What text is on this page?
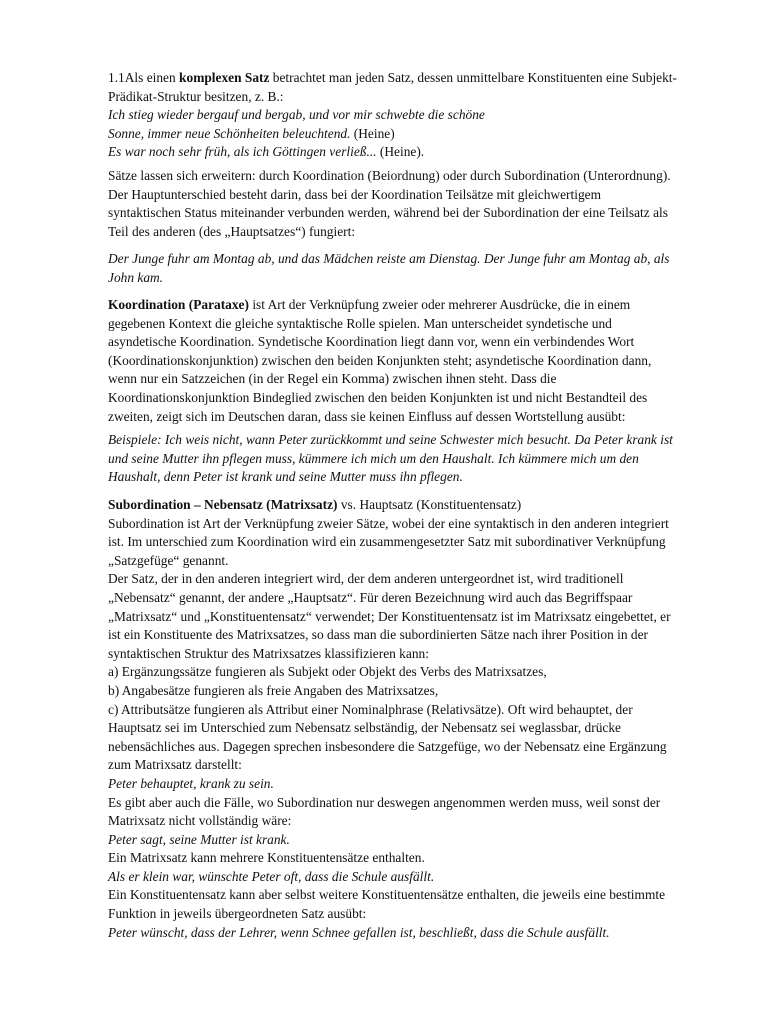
1.1Als einen komplexen Satz betrachtet man jeden Satz, dessen unmittelbare Konstituenten eine Subjekt-
Prädikat-Struktur besitzen, z. B.:
Ich stieg wieder bergauf und bergab, und vor mir schwebte die schöne
Sonne, immer neue Schönheiten beleuchtend. (Heine)
Es war noch sehr früh, als ich Göttingen verließ... (Heine).
Sätze lassen sich erweitern: durch Koordination (Beiordnung) oder durch Subordination (Unterordnung).
Der Hauptunterschied besteht darin, dass bei der Koordination Teilsätze mit gleichwertigem
syntaktischen Status miteinander verbunden werden, während bei der Subordination der eine Teilsatz als
Teil des anderen (des „Hauptsatzes“) fungiert:
Der Junge fuhr am Montag ab, und das Mädchen reiste am Dienstag. Der Junge fuhr am Montag ab, als
John kam.
Koordination (Parataxe) ist Art der Verknüpfung zweier oder mehrerer Ausdrücke, die in einem
gegebenen Kontext die gleiche syntaktische Rolle spielen. Man unterscheidet syndetische und
asyndetische Koordination. Syndetische Koordination liegt dann vor, wenn ein verbindendes Wort
(Koordinationskonjunktion) zwischen den beiden Konjunkten steht; asyndetische Koordination dann,
wenn nur ein Satzzeichen (in der Regel ein Komma) zwischen ihnen steht. Dass die
Koordinationskonjunktion Bindeglied zwischen den beiden Konjunkten ist und nicht Bestandteil des
zweiten, zeigt sich im Deutschen daran, dass sie keinen Einfluss auf dessen Wortstellung ausübt:
Beispiele: Ich weis nicht, wann Peter zurückkommt und seine Schwester mich besucht. Da Peter krank ist
und seine Mutter ihn pflegen muss, kümmere ich mich um den Haushalt. Ich kümmere mich um den
Haushalt, denn Peter ist krank und seine Mutter muss ihn pflegen.
Subordination – Nebensatz (Matrixsatz) vs. Hauptsatz (Konstituentensatz)
Subordination ist Art der Verknüpfung zweier Sätze, wobei der eine syntaktisch in den anderen integriert
ist. Im unterschied zum Koordination wird ein zusammengesetzter Satz mit subordinativer Verknüpfung
„Satzgefüge“ genannt.
Der Satz, der in den anderen integriert wird, der dem anderen untergeordnet ist, wird traditionell
„Nebensatz“ genannt, der andere „Hauptsatz“. Für deren Bezeichnung wird auch das Begriffspaar
„Matrixsatz“ und „Konstituentensatz“ verwendet; Der Konstituentensatz ist im Matrixsatz eingebettet, er
ist ein Konstituente des Matrixsatzes, so dass man die subordinierten Sätze nach ihrer Position in der
syntaktischen Struktur des Matrixsatzes klassifizieren kann:
a) Ergänzungssätze fungieren als Subjekt oder Objekt des Verbs des Matrixsatzes,
b) Angabesätze fungieren als freie Angaben des Matrixsatzes,
c) Attributsätze fungieren als Attribut einer Nominalphrase (Relativsätze). Oft wird behauptet, der
Hauptsatz sei im Unterschied zum Nebensatz selbständig, der Nebensatz sei weglassbar, drücke
nebensächliches aus. Dagegen sprechen insbesondere die Satzgefüge, wo der Nebensatz eine Ergänzung
zum Matrixsatz darstellt:
Peter behauptet, krank zu sein.
Es gibt aber auch die Fälle, wo Subordination nur deswegen angenommen werden muss, weil sonst der
Matrixsatz nicht vollständig wäre:
Peter sagt, seine Mutter ist krank.
Ein Matrixsatz kann mehrere Konstituentensätze enthalten.
Als er klein war, wünschte Peter oft, dass die Schule ausfällt.
Ein Konstituentensatz kann aber selbst weitere Konstituentensätze enthalten, die jeweils eine bestimmte
Funktion in jeweils übergeordneten Satz ausübt:
Peter wünscht, dass der Lehrer, wenn Schnee gefallen ist, beschließt, dass die Schule ausfällt.
